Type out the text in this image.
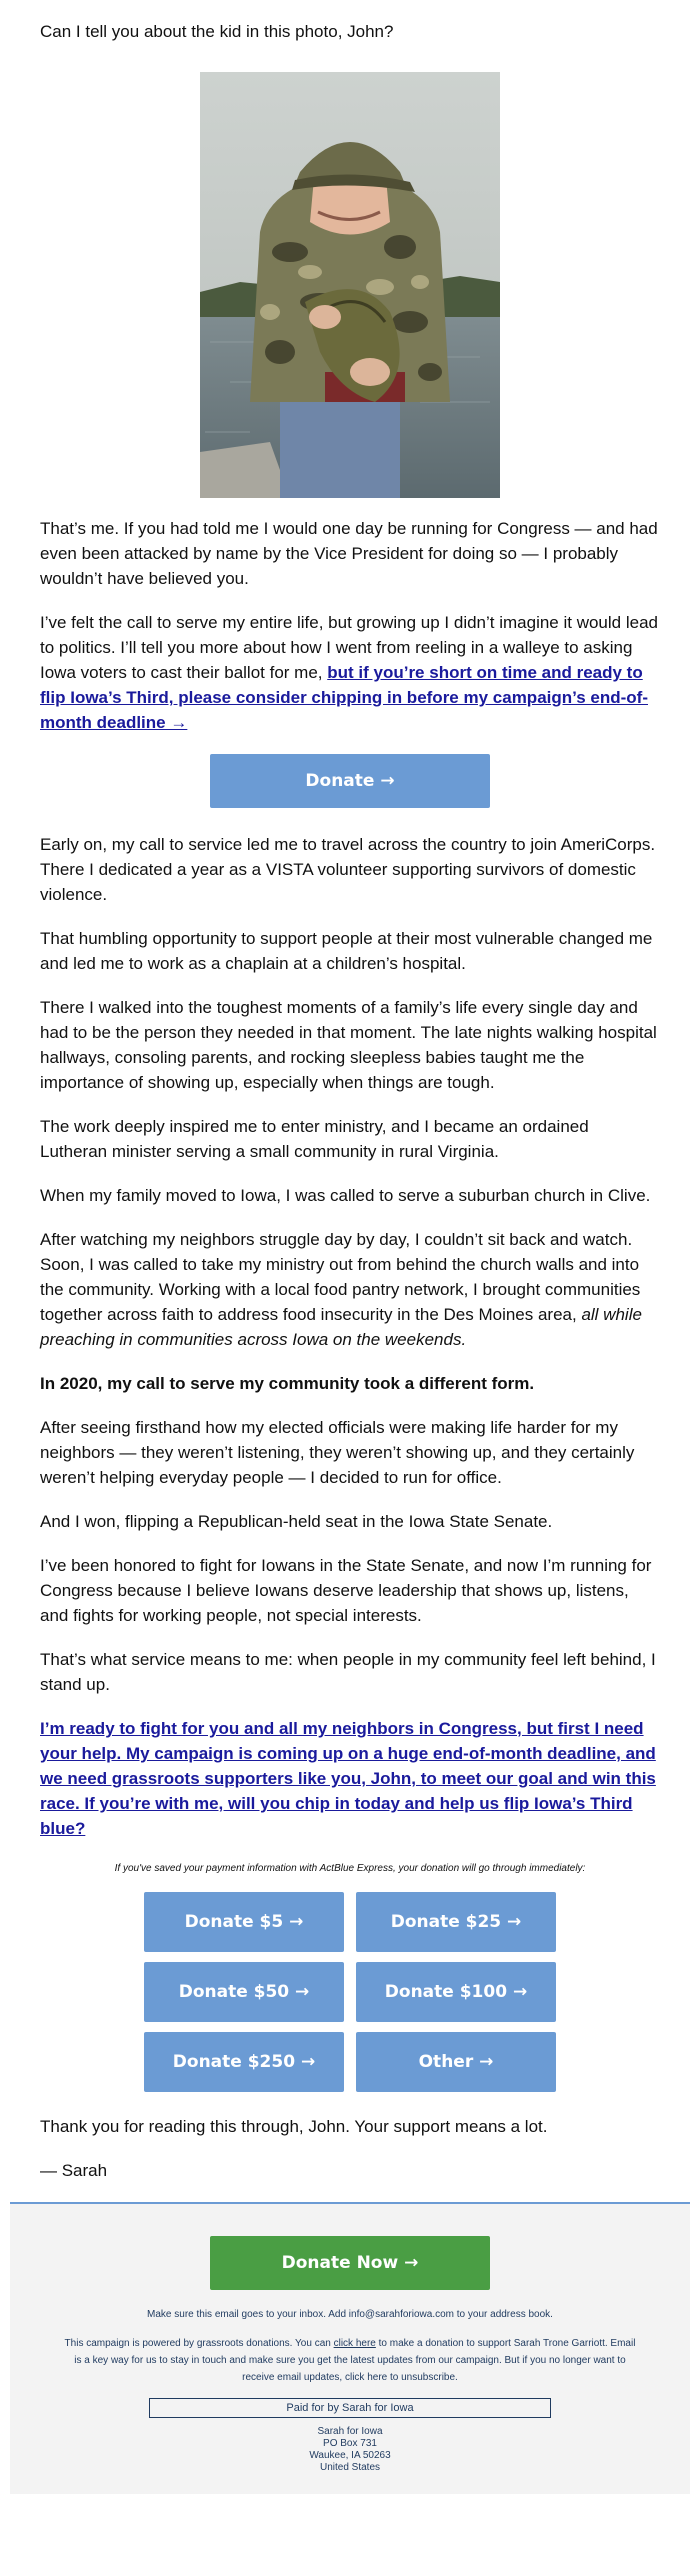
Can I tell you about the kid in this photo, John?

That’s me. If you had told me I would one day be running for Congress — and had even been attacked by name by the Vice President for doing so — I probably wouldn’t have believed you.

I’ve felt the call to serve my entire life, but growing up I didn’t imagine it would lead to politics. I’ll tell you more about how I went from reeling in a walleye to asking Iowa voters to cast their ballot for me, but if you’re short on time and ready to flip Iowa’s Third, please consider chipping in before my campaign’s end-of-month deadline →

Donate →

Early on, my call to service led me to travel across the country to join AmeriCorps. There I dedicated a year as a VISTA volunteer supporting survivors of domestic violence.

That humbling opportunity to support people at their most vulnerable changed me and led me to work as a chaplain at a children’s hospital.

There I walked into the toughest moments of a family’s life every single day and had to be the person they needed in that moment. The late nights walking hospital hallways, consoling parents, and rocking sleepless babies taught me the importance of showing up, especially when things are tough.

The work deeply inspired me to enter ministry, and I became an ordained Lutheran minister serving a small community in rural Virginia.

When my family moved to Iowa, I was called to serve a suburban church in Clive.

After watching my neighbors struggle day by day, I couldn’t sit back and watch. Soon, I was called to take my ministry out from behind the church walls and into the community. Working with a local food pantry network, I brought communities together across faith to address food insecurity in the Des Moines area, all while preaching in communities across Iowa on the weekends.

In 2020, my call to serve my community took a different form.

After seeing firsthand how my elected officials were making life harder for my neighbors — they weren’t listening, they weren’t showing up, and they certainly weren’t helping everyday people — I decided to run for office.

And I won, flipping a Republican-held seat in the Iowa State Senate.

I’ve been honored to fight for Iowans in the State Senate, and now I’m running for Congress because I believe Iowans deserve leadership that shows up, listens, and fights for working people, not special interests.

That’s what service means to me: when people in my community feel left behind, I stand up.

I’m ready to fight for you and all my neighbors in Congress, but first I need your help. My campaign is coming up on a huge end-of-month deadline, and we need grassroots supporters like you, John, to meet our goal and win this race. If you’re with me, will you chip in today and help us flip Iowa’s Third blue?

If you've saved your payment information with ActBlue Express, your donation will go through immediately:

Donate $5 →	Donate $25 →
Donate $50 →	Donate $100 →
Donate $250 →	Other →

Thank you for reading this through, John. Your support means a lot.

— Sarah

Donate Now →

Make sure this email goes to your inbox. Add info@sarahforiowa.com to your address book.

This campaign is powered by grassroots donations. You can click here to make a donation to support Sarah Trone Garriott. Email is a key way for us to stay in touch and make sure you get the latest updates from our campaign. But if you no longer want to receive email updates, click here to unsubscribe.

Paid for by Sarah for Iowa
Sarah for Iowa
PO Box 731
Waukee, IA 50263
United States
